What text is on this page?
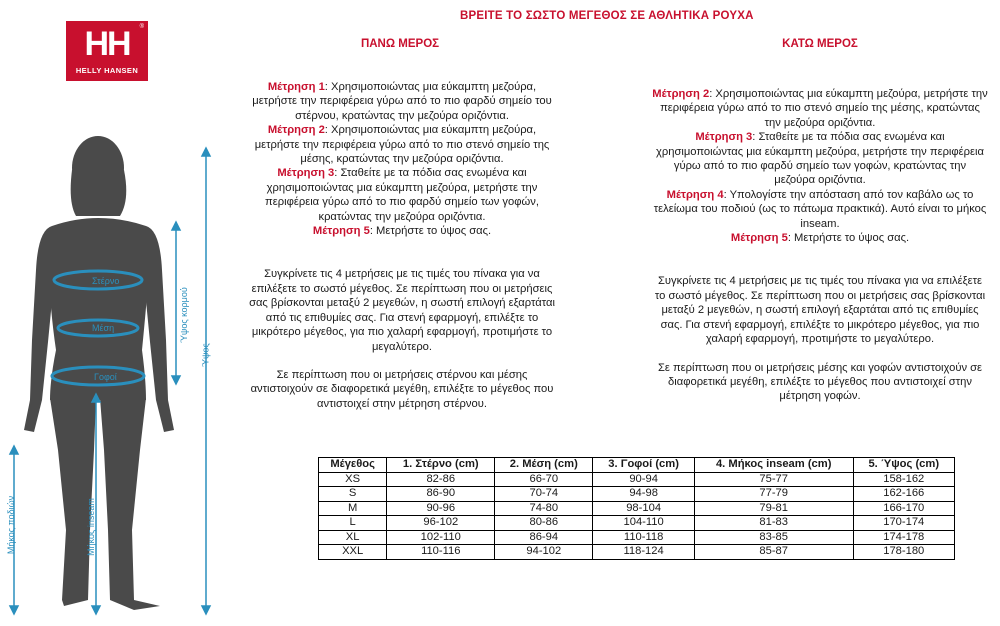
ΒΡΕΙΤΕ ΤΟ ΣΩΣΤΟ ΜΕΓΕΘΟΣ ΣΕ ΑΘΛΗΤΙΚΑ ΡΟΥΧΑ
HH	®
HELLY HANSEN
Στέρνο
Μέση
Γοφοί
Ύψος κορμού
Ύψος
Μήκος ποδιών	Μήκος inseam
ΠΑΝΩ ΜΕΡΟΣ

Μέτρηση 1: Χρησιμοποιώντας μια εύκαμπτη μεζούρα, μετρήστε την περιφέρεια γύρω από το πιο φαρδύ σημείο του στέρνου, κρατώντας την μεζούρα οριζόντια.

Μέτρηση 2: Χρησιμοποιώντας μια εύκαμπτη μεζούρα, μετρήστε την περιφέρεια γύρω από το πιο στενό σημείο της μέσης, κρατώντας την μεζούρα οριζόντια.

Μέτρηση 3: Σταθείτε με τα πόδια σας ενωμένα και χρησιμοποιώντας μια εύκαμπτη μεζούρα, μετρήστε την περιφέρεια γύρω από το πιο φαρδύ σημείο των γοφών, κρατώντας την μεζούρα οριζόντια.

Μέτρηση 5: Μετρήστε το ύψος σας.

Συγκρίνετε τις 4 μετρήσεις με τις τιμές του πίνακα για να επιλέξετε το σωστό μέγεθος. Σε περίπτωση που οι μετρήσεις σας βρίσκονται μεταξύ 2 μεγεθών, η σωστή επιλογή εξαρτάται από τις επιθυμίες σας. Για στενή εφαρμογή, επιλέξτε το μικρότερο μέγεθος, για πιο χαλαρή εφαρμογή, προτιμήστε το μεγαλύτερο.

Σε περίπτωση που οι μετρήσεις στέρνου και μέσης αντιστοιχούν σε διαφορετικά μεγέθη, επιλέξτε το μέγεθος που αντιστοιχεί στην μέτρηση στέρνου.

ΚΑΤΩ ΜΕΡΟΣ

Μέτρηση 2: Χρησιμοποιώντας μια εύκαμπτη μεζούρα, μετρήστε την περιφέρεια γύρω από το πιο στενό σημείο της μέσης, κρατώντας την μεζούρα οριζόντια.

Μέτρηση 3: Σταθείτε με τα πόδια σας ενωμένα και χρησιμοποιώντας μια εύκαμπτη μεζούρα, μετρήστε την περιφέρεια γύρω από το πιο φαρδύ σημείο των γοφών, κρατώντας την μεζούρα οριζόντια.

Μέτρηση 4: Υπολογίστε την απόσταση από τον καβάλο ως το τελείωμα του ποδιού (ως το πάτωμα πρακτικά). Αυτό είναι το μήκος inseam.

Μέτρηση 5: Μετρήστε το ύψος σας.

Συγκρίνετε τις 4 μετρήσεις με τις τιμές του πίνακα για να επιλέξετε το σωστό μέγεθος. Σε περίπτωση που οι μετρήσεις σας βρίσκονται μεταξύ 2 μεγεθών, η σωστή επιλογή εξαρτάται από τις επιθυμίες σας. Για στενή εφαρμογή, επιλέξτε το μικρότερο μέγεθος, για πιο χαλαρή εφαρμογή, προτιμήστε το μεγαλύτερο.

Σε περίπτωση που οι μετρήσεις μέσης και γοφών αντιστοιχούν σε διαφορετικά μεγέθη, επιλέξτε το μέγεθος που αντιστοιχεί στην μέτρηση γοφών.

Μέγεθος	1. Στέρνο (cm)	2. Μέση (cm)	3. Γοφοί (cm)	4. Μήκος inseam (cm)	5. Ύψος (cm)
XS	82-86	66-70	90-94	75-77	158-162
S	86-90	70-74	94-98	77-79	162-166
M	90-96	74-80	98-104	79-81	166-170
L	96-102	80-86	104-110	81-83	170-174
XL	102-110	86-94	110-118	83-85	174-178
XXL	110-116	94-102	118-124	85-87	178-180
